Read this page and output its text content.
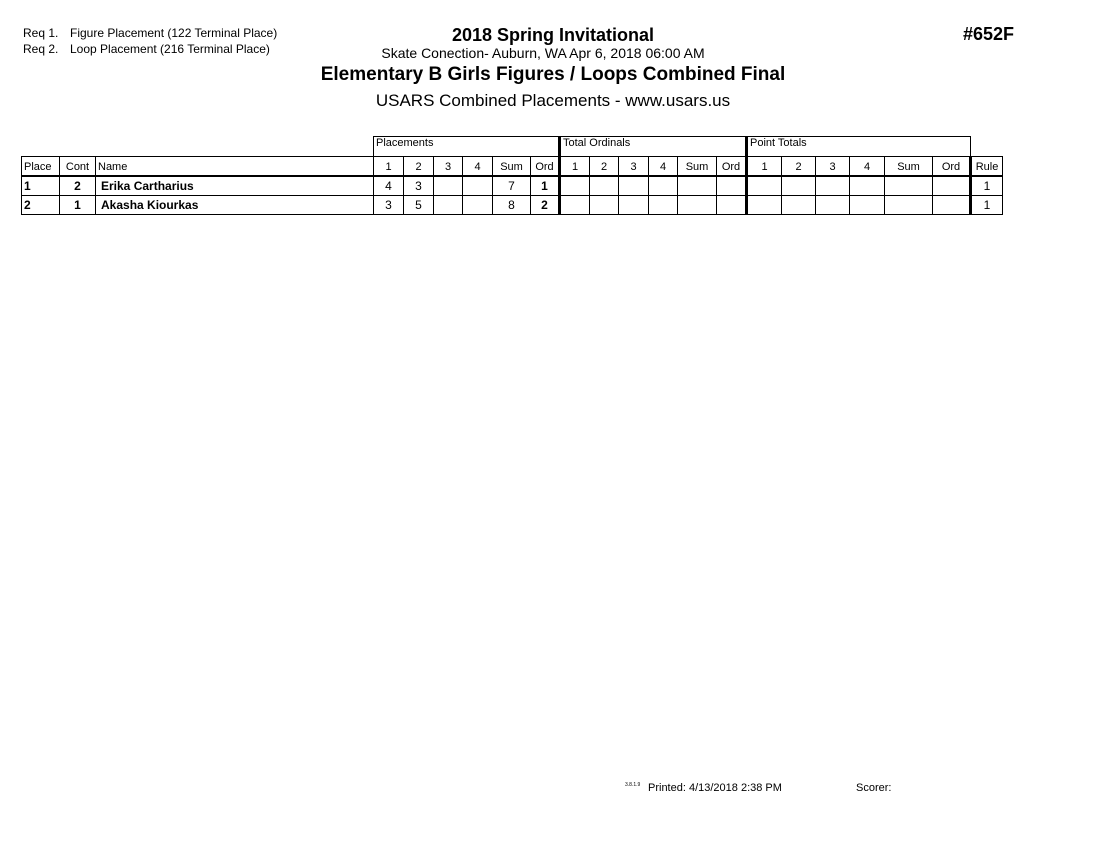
Req 1. Figure Placement (122 Terminal Place)
Req 2. Loop Placement (216 Terminal Place)
2018 Spring Invitational
Skate Conection- Auburn, WA Apr 6, 2018 06:00 AM
Elementary B Girls Figures / Loops Combined Final
USARS Combined Placements - www.usars.us
#652F
			Placements						Total Ordinals						Point Totals						
Place	Cont	Name	1	2	3	4	Sum	Ord	1	2	3	4	Sum	Ord	1	2	3	4	Sum	Ord	Rule
1	2	Erika Cartharius	4	3			7	1													1
2	1	Akasha Kiourkas	3	5			8	2													1
3.8.1.9 Printed: 4/13/2018 2:38 PM	Scorer:
